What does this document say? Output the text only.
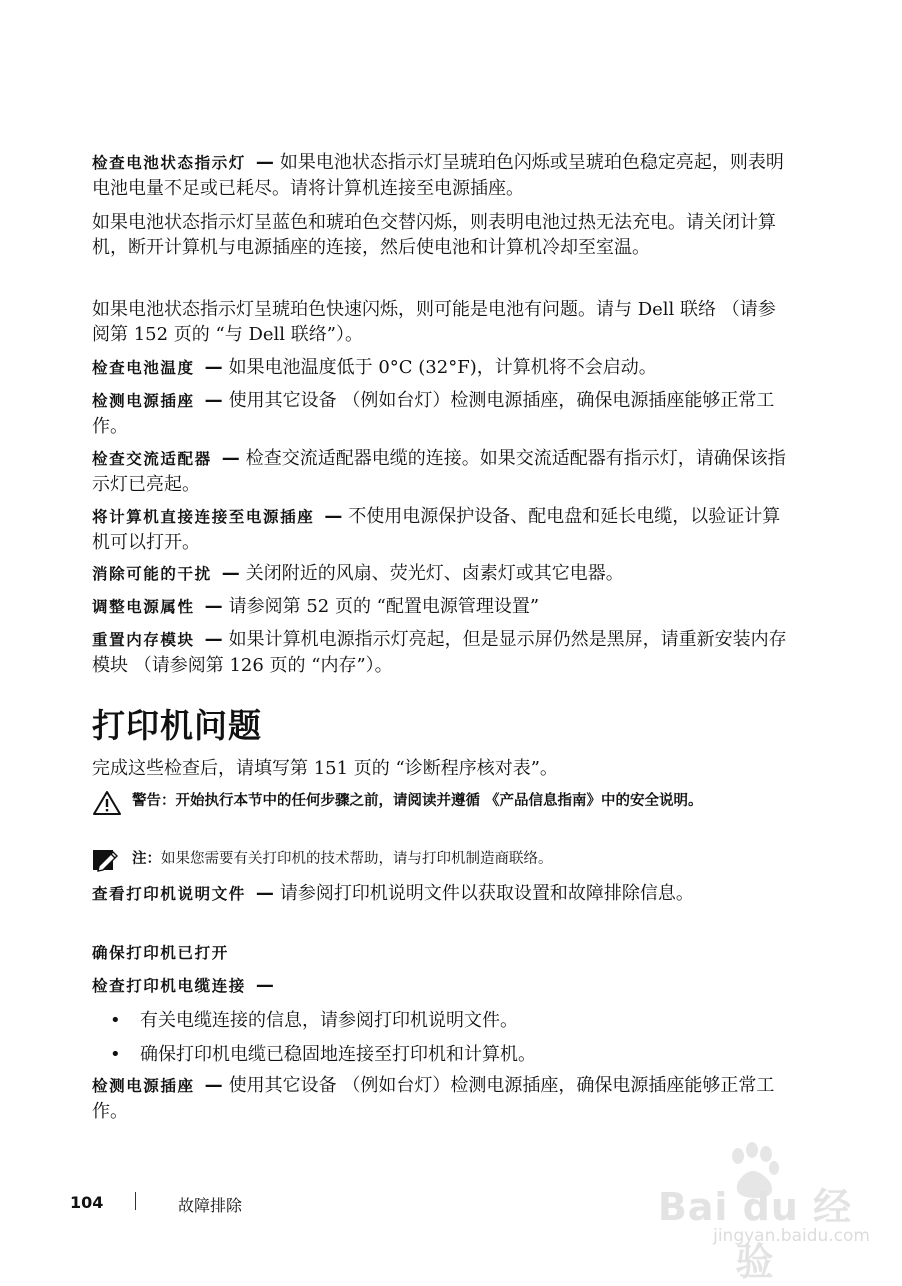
检查电池状态指示灯 — 如果电池状态指示灯呈琥珀色闪烁或呈琥珀色稳定亮起，则表明电池电量不足或已耗尽。请将计算机连接至电源插座。

如果电池状态指示灯呈蓝色和琥珀色交替闪烁，则表明电池过热无法充电。请关闭计算机，断开计算机与电源插座的连接，然后使电池和计算机冷却至室温。

如果电池状态指示灯呈琥珀色快速闪烁，则可能是电池有问题。请与 Dell 联络 （请参阅第 152 页的 “与 Dell 联络”）。

检查电池温度 — 如果电池温度低于 0°C (32°F)，计算机将不会启动。

检测电源插座 — 使用其它设备 （例如台灯）检测电源插座，确保电源插座能够正常工作。

检查交流适配器 — 检查交流适配器电缆的连接。如果交流适配器有指示灯，请确保该指示灯已亮起。

将计算机直接连接至电源插座 — 不使用电源保护设备、配电盘和延长电缆，以验证计算机可以打开。

消除可能的干扰 — 关闭附近的风扇、荧光灯、卤素灯或其它电器。

调整电源属性 — 请参阅第 52 页的 “配置电源管理设置”

重置内存模块 — 如果计算机电源指示灯亮起，但是显示屏仍然是黑屏，请重新安装内存模块 （请参阅第 126 页的 “内存”）。

打印机问题

完成这些检查后，请填写第 151 页的 “诊断程序核对表”。

警告：开始执行本节中的任何步骤之前，请阅读并遵循 《产品信息指南》中的安全说明。
注：如果您需要有关打印机的技术帮助，请与打印机制造商联络。

查看打印机说明文件 — 请参阅打印机说明文件以获取设置和故障排除信息。

确保打印机已打开

检查打印机电缆连接 —

• 有关电缆连接的信息，请参阅打印机说明文件。
• 确保打印机电缆已稳固地连接至打印机和计算机。

检测电源插座 — 使用其它设备 （例如台灯）检测电源插座，确保电源插座能够正常工作。

104	故障排除	Bai du 经验
jingyan.baidu.com
